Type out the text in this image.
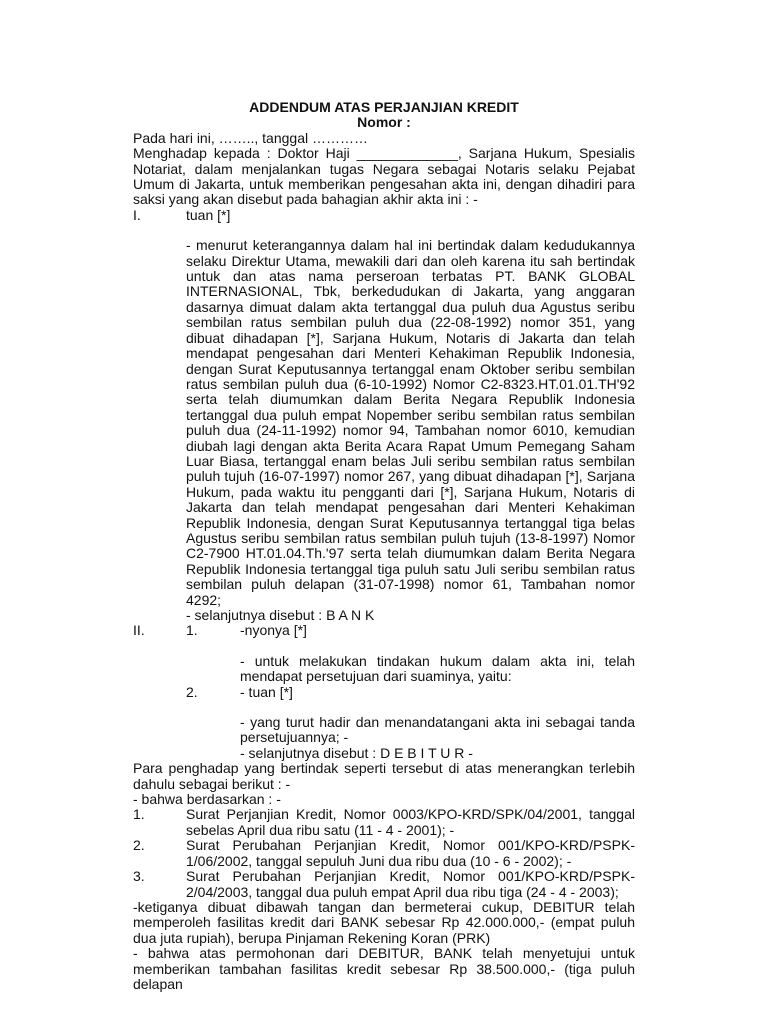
ADDENDUM ATAS PERJANJIAN KREDIT
Nomor :
Pada hari ini, …….., tanggal …………
Menghadap kepada : Doktor Haji _____________, Sarjana Hukum, Spesialis Notariat, dalam menjalankan tugas Negara sebagai Notaris selaku Pejabat Umum di Jakarta, untuk memberikan pengesahan akta ini, dengan dihadiri para saksi yang akan disebut pada bahagian akhir akta ini : -
I.	tuan [*]
- menurut keterangannya dalam hal ini bertindak dalam kedudukannya selaku Direktur Utama, mewakili dari dan oleh karena itu sah bertindak untuk dan atas nama perseroan terbatas PT. BANK GLOBAL INTERNASIONAL, Tbk, berkedudukan di Jakarta, yang anggaran dasarnya dimuat dalam akta tertanggal dua puluh dua Agustus seribu sembilan ratus sembilan puluh dua (22-08-1992) nomor 351, yang dibuat dihadapan [*], Sarjana Hukum, Notaris di Jakarta dan telah mendapat pengesahan dari Menteri Kehakiman Republik Indonesia, dengan Surat Keputusannya tertanggal enam Oktober seribu sembilan ratus sembilan puluh dua (6-10-1992) Nomor C2-8323.HT.01.01.TH'92 serta telah diumumkan dalam Berita Negara Republik Indonesia tertanggal dua puluh empat Nopember seribu sembilan ratus sembilan puluh dua (24-11-1992) nomor 94, Tambahan nomor 6010, kemudian diubah lagi dengan akta Berita Acara Rapat Umum Pemegang Saham Luar Biasa, tertanggal enam belas Juli seribu sembilan ratus sembilan puluh tujuh (16-07-1997) nomor 267, yang dibuat dihadapan [*], Sarjana Hukum, pada waktu itu pengganti dari [*], Sarjana Hukum, Notaris di Jakarta dan telah mendapat pengesahan dari Menteri Kehakiman Republik Indonesia, dengan Surat Keputusannya tertanggal tiga belas Agustus seribu sembilan ratus sembilan puluh tujuh (13-8-1997) Nomor C2-7900 HT.01.04.Th.'97 serta telah diumumkan dalam Berita Negara Republik Indonesia tertanggal tiga puluh satu Juli seribu sembilan ratus sembilan puluh delapan (31-07-1998) nomor 61, Tambahan nomor 4292;
- selanjutnya disebut : B A N K
II.	1.	-nyonya [*]
- untuk melakukan tindakan hukum dalam akta ini, telah mendapat persetujuan dari suaminya, yaitu:
2.	- tuan [*]
- yang turut hadir dan menandatangani akta ini sebagai tanda persetujuannya; -
- selanjutnya disebut : D E B I T U R -
Para penghadap yang bertindak seperti tersebut di atas menerangkan terlebih dahulu sebagai berikut : -
- bahwa berdasarkan : -
1.	Surat Perjanjian Kredit, Nomor 0003/KPO-KRD/SPK/04/2001, tanggal sebelas April dua ribu satu (11 - 4 - 2001); -
2.	Surat Perubahan Perjanjian Kredit, Nomor 001/KPO-KRD/PSPK-1/06/2002, tanggal sepuluh Juni dua ribu dua (10 - 6 - 2002); -
3.	Surat Perubahan Perjanjian Kredit, Nomor 001/KPO-KRD/PSPK-2/04/2003, tanggal dua puluh empat April dua ribu tiga (24 - 4 - 2003);
-ketiganya dibuat dibawah tangan dan bermeterai cukup, DEBITUR telah memperoleh fasilitas kredit dari BANK sebesar Rp 42.000.000,- (empat puluh dua juta rupiah), berupa Pinjaman Rekening Koran (PRK)
- bahwa atas permohonan dari DEBITUR, BANK telah menyetujui untuk memberikan tambahan fasilitas kredit sebesar Rp 38.500.000,- (tiga puluh delapan
